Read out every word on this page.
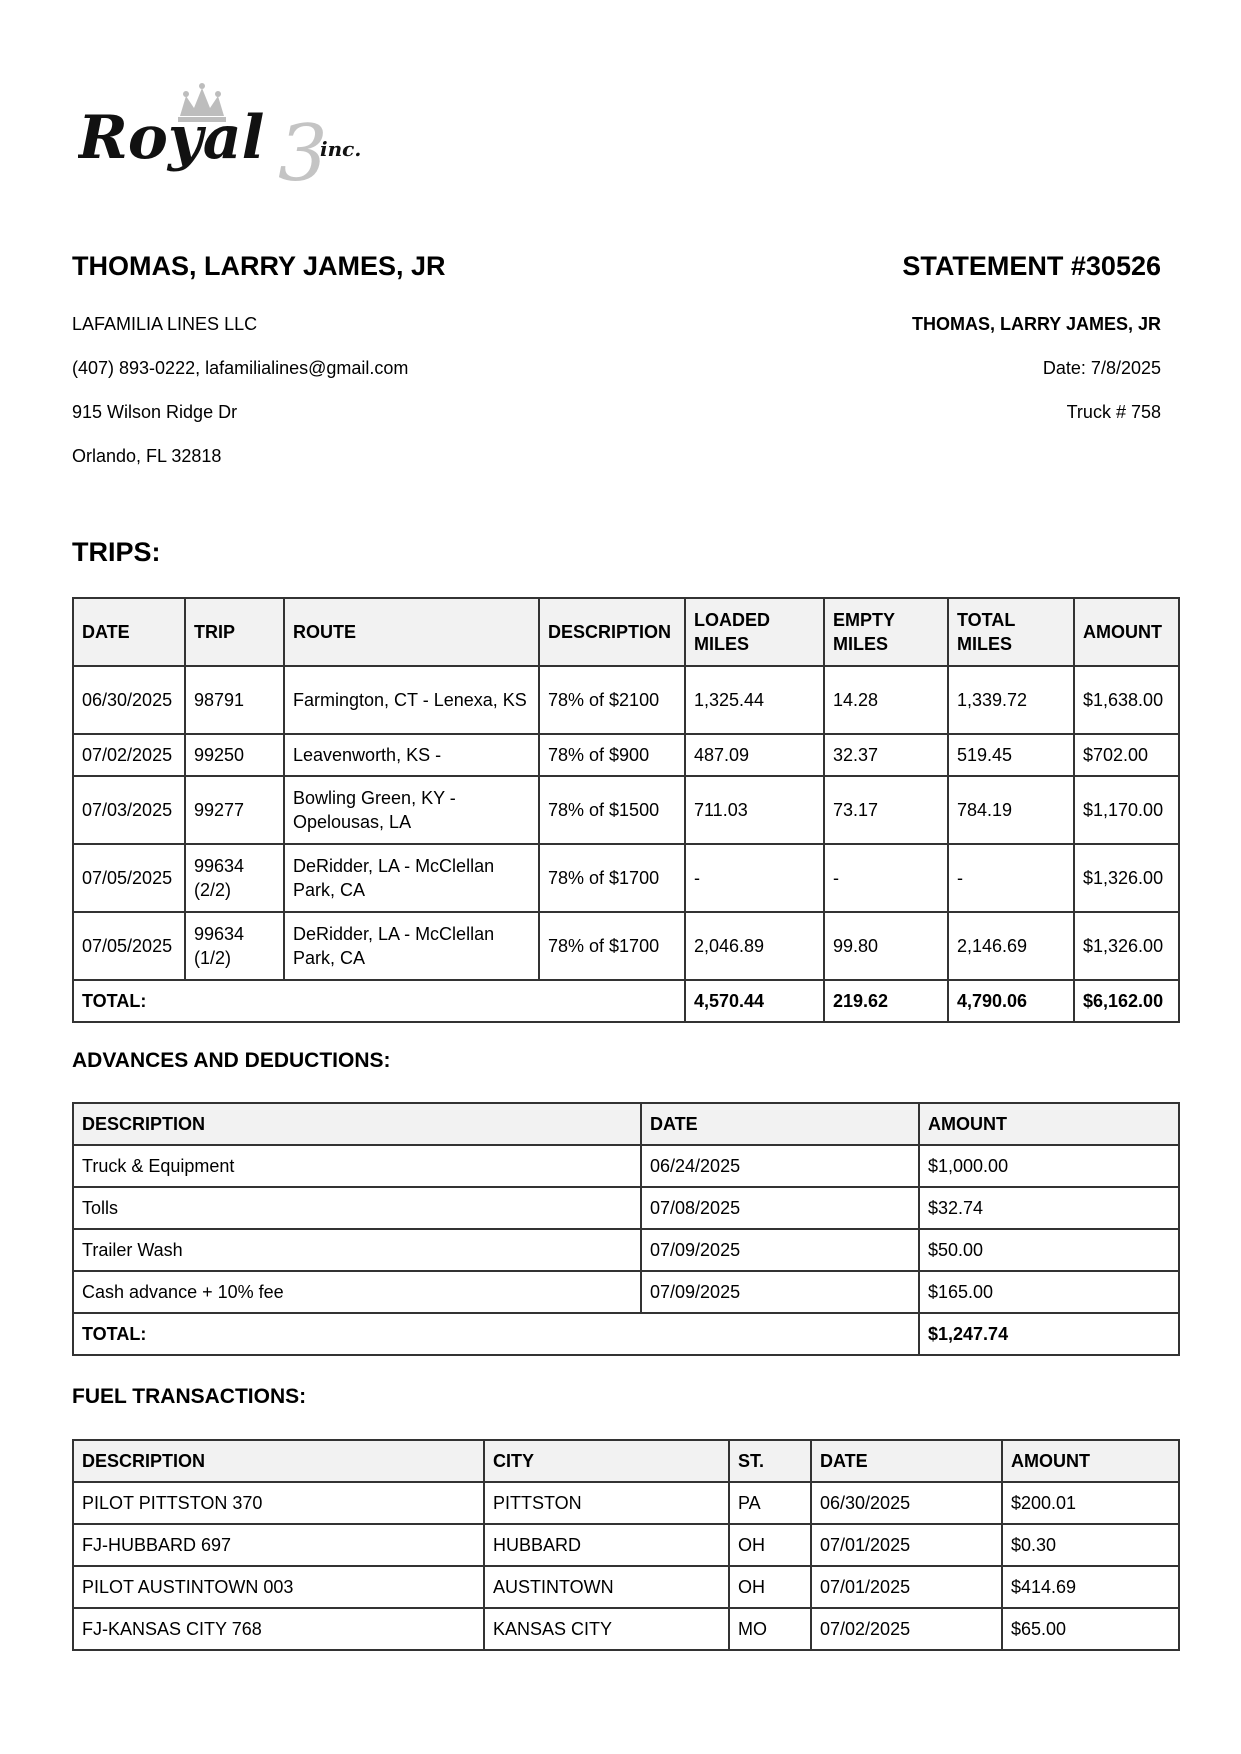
Royal 3
inc.
THOMAS, LARRY JAMES, JR	STATEMENT #30526
LAFAMILIA LINES LLC
(407) 893-0222, lafamilialines@gmail.com
915 Wilson Ridge Dr
Orlando, FL 32818
THOMAS, LARRY JAMES, JR
Date: 7/8/2025
Truck # 758
TRIPS:
DATE	TRIP	ROUTE	DESCRIPTION	LOADED MILES	EMPTY MILES	TOTAL MILES	AMOUNT
06/30/2025	98791	Farmington, CT - Lenexa, KS	78% of $2100	1,325.44	14.28	1,339.72	$1,638.00
07/02/2025	99250	Leavenworth, KS -	78% of $900	487.09	32.37	519.45	$702.00
07/03/2025	99277	Bowling Green, KY - Opelousas, LA	78% of $1500	711.03	73.17	784.19	$1,170.00
07/05/2025	99634 (2/2)	DeRidder, LA - McClellan Park, CA	78% of $1700	-	-	-	$1,326.00
07/05/2025	99634 (1/2)	DeRidder, LA - McClellan Park, CA	78% of $1700	2,046.89	99.80	2,146.69	$1,326.00
TOTAL:				4,570.44	219.62	4,790.06	$6,162.00
ADVANCES AND DEDUCTIONS:
DESCRIPTION	DATE	AMOUNT
Truck & Equipment	06/24/2025	$1,000.00
Tolls	07/08/2025	$32.74
Trailer Wash	07/09/2025	$50.00
Cash advance + 10% fee	07/09/2025	$165.00
TOTAL:		$1,247.74
FUEL TRANSACTIONS:
DESCRIPTION	CITY	ST.	DATE	AMOUNT
PILOT PITTSTON 370	PITTSTON	PA	06/30/2025	$200.01
FJ-HUBBARD 697	HUBBARD	OH	07/01/2025	$0.30
PILOT AUSTINTOWN 003	AUSTINTOWN	OH	07/01/2025	$414.69
FJ-KANSAS CITY 768	KANSAS CITY	MO	07/02/2025	$65.00
